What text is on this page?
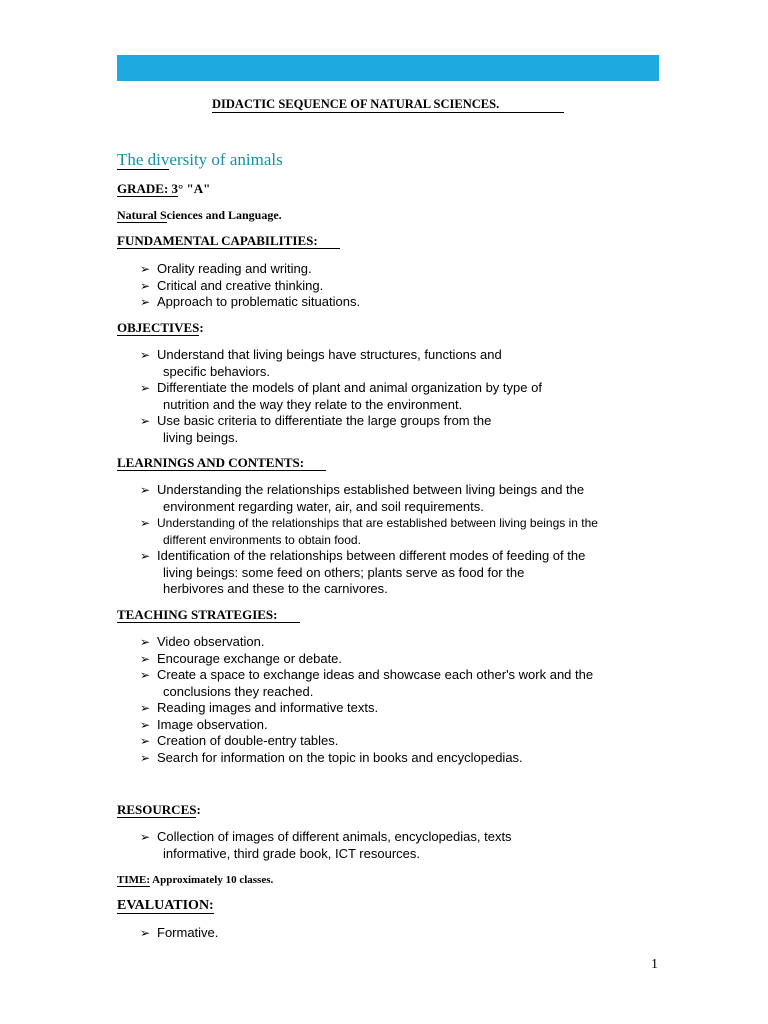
DIDACTIC SEQUENCE OF NATURAL SCIENCES.
The diversity of animals
GRADE: 3° "A"
Natural Sciences and Language.
FUNDAMENTAL CAPABILITIES:
➢ Orality reading and writing.
➢ Critical and creative thinking.
➢ Approach to problematic situations.
OBJECTIVES:
➢ Understand that living beings have structures, functions and
specific behaviors.
➢ Differentiate the models of plant and animal organization by type of
nutrition and the way they relate to the environment.
➢ Use basic criteria to differentiate the large groups from the
living beings.
LEARNINGS AND CONTENTS:
➢ Understanding the relationships established between living beings and the
environment regarding water, air, and soil requirements.
➢ Understanding of the relationships that are established between living beings in the
different environments to obtain food.
➢ Identification of the relationships between different modes of feeding of the
living beings: some feed on others; plants serve as food for the
herbivores and these to the carnivores.
TEACHING STRATEGIES:
➢ Video observation.
➢ Encourage exchange or debate.
➢ Create a space to exchange ideas and showcase each other's work and the
conclusions they reached.
➢ Reading images and informative texts.
➢ Image observation.
➢ Creation of double-entry tables.
➢ Search for information on the topic in books and encyclopedias.
RESOURCES:
➢ Collection of images of different animals, encyclopedias, texts
informative, third grade book, ICT resources.
TIME: Approximately 10 classes.
EVALUATION:
➢ Formative.
1
